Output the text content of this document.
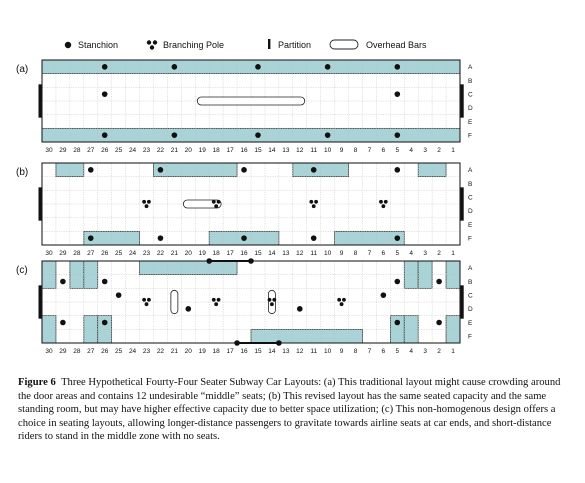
Stanchion	Branching Pole	Partition	Overhead Bars
(a)
30 29 28 27 26 25 24 23 22 21 20 19 18 17 16 15 14 13 12 11 10 9 8 7 6 5 4 3 2 1
A
B
C
D
E
F
(b)
30 29 28 27 26 25 24 23 22 21 20 19 18 17 16 15 14 13 12 11 10 9 8 7 6 5 4 3 2 1
A
B
C
D
E
F
(c)
30 29 28 27 26 25 24 23 22 21 20 19 18 17 16 15 14 13 12 11 10 9 8 7 6 5 4 3 2 1
A
B
C
D
E
F
Figure 6 Three Hypothetical Fourty-Four Seater Subway Car Layouts: (a) This traditional layout might cause crowding around the door areas and contains 12 undesirable “middle” seats; (b) This revised layout has the same seated capacity and the same standing room, but may have higher effective capacity due to better space utilization; (c) This non-homogenous design offers a choice in seating layouts, allowing longer-distance passengers to gravitate towards airline seats at car ends, and short-distance riders to stand in the middle zone with no seats.
